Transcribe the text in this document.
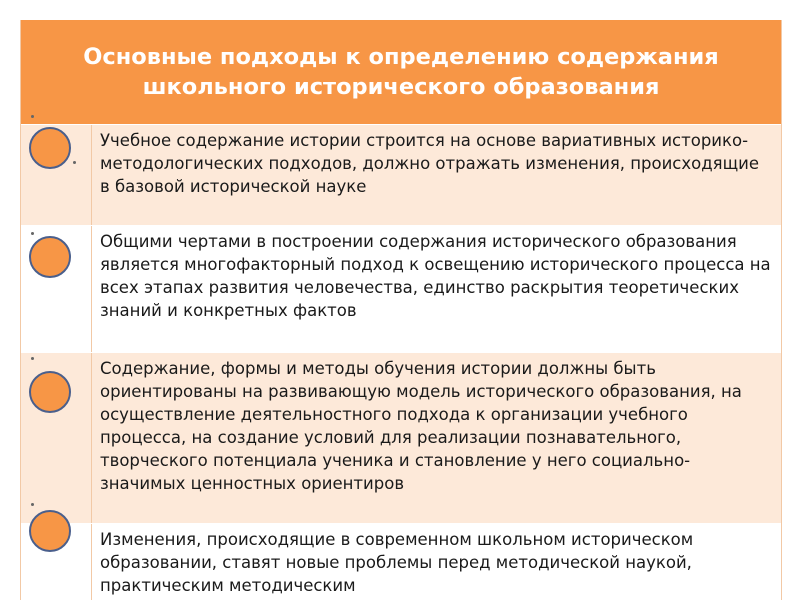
Основные подходы к определению содержания школьного исторического образования
Учебное содержание истории строится на основе вариативных историко-методологических подходов, должно отражать изменения, происходящие в базовой исторической науке
Общими чертами в построении содержания исторического образования является многофакторный подход к освещению исторического процесса на всех этапах развития человечества, единство раскрытия теоретических знаний и конкретных фактов
Содержание, формы и методы обучения истории должны быть ориентированы на развивающую модель исторического образования, на осуществление деятельностного подхода к организации учебного процесса, на создание условий для реализации познавательного, творческого потенциала ученика и становление у него социально-значимых ценностных ориентиров
Изменения, происходящие в современном школьном историческом образовании, ставят новые проблемы перед методической наукой, практическим методическим
